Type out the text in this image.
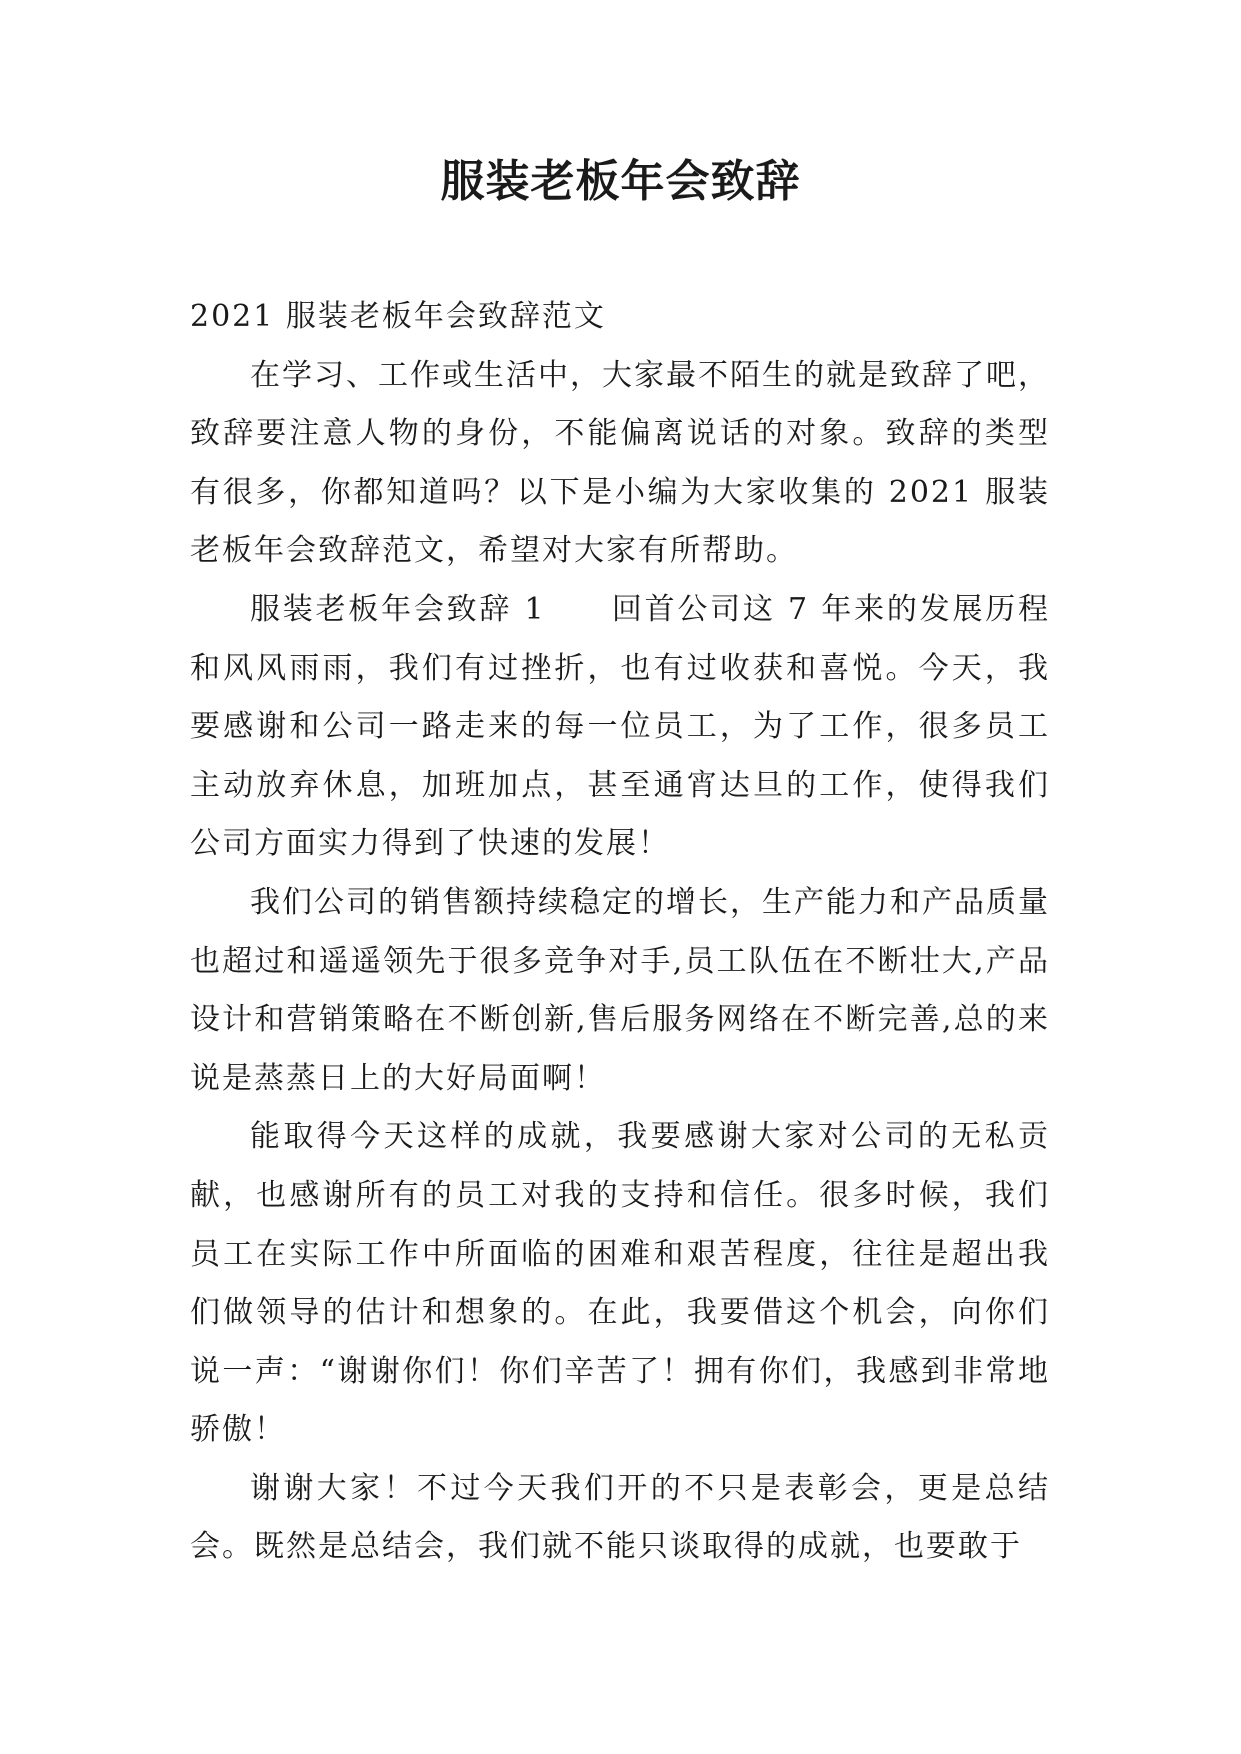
服装老板年会致辞

2021 服装老板年会致辞范文

在学习、工作或生活中，大家最不陌生的就是致辞了吧，致辞要注意人物的身份，不能偏离说话的对象。致辞的类型有很多，你都知道吗？以下是小编为大家收集的 2021 服装老板年会致辞范文，希望对大家有所帮助。

服装老板年会致辞 1　　回首公司这 7 年来的发展历程和风风雨雨，我们有过挫折，也有过收获和喜悦。今天，我要感谢和公司一路走来的每一位员工，为了工作，很多员工主动放弃休息，加班加点，甚至通宵达旦的工作，使得我们公司方面实力得到了快速的发展！

我们公司的销售额持续稳定的增长，生产能力和产品质量也超过和遥遥领先于很多竞争对手,员工队伍在不断壮大,产品设计和营销策略在不断创新,售后服务网络在不断完善,总的来说是蒸蒸日上的大好局面啊！

能取得今天这样的成就，我要感谢大家对公司的无私贡献，也感谢所有的员工对我的支持和信任。很多时候，我们员工在实际工作中所面临的困难和艰苦程度，往往是超出我们做领导的估计和想象的。在此，我要借这个机会，向你们说一声：“谢谢你们！你们辛苦了！拥有你们，我感到非常地骄傲！

谢谢大家！不过今天我们开的不只是表彰会，更是总结会。既然是总结会，我们就不能只谈取得的成就，也要敢于
